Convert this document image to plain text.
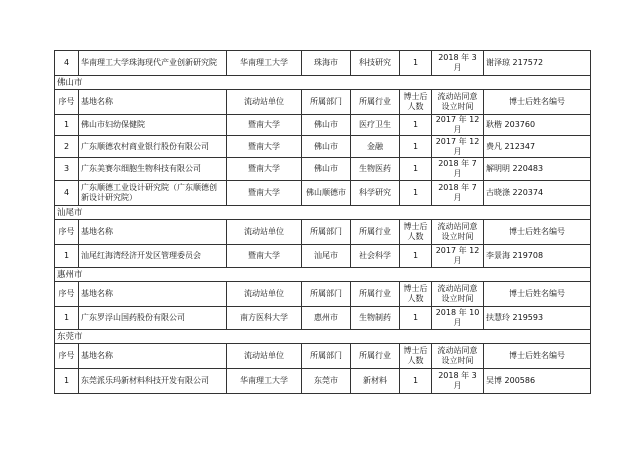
4	华南理工大学珠海现代产业创新研究院	华南理工大学	珠海市	科技研究	1	2018 年 3 月	谢泽琼 217572
佛山市							
序号	基地名称	流动站单位	所属部门	所属行业	博士后人数	流动站同意设立时间	博士后姓名编号
1	佛山市妇幼保健院	暨南大学	佛山市	医疗卫生	1	2017 年 12 月	耿楷 203760
2	广东顺德农村商业银行股份有限公司	暨南大学	佛山市	金融	1	2017 年 12 月	费凡 212347
3	广东美赛尔细胞生物科技有限公司	暨南大学	佛山市	生物医药	1	2018 年 7 月	解明明 220483
4	广东顺德工业设计研究院（广东顺德创新设计研究院）	暨南大学	佛山顺德市	科学研究	1	2018 年 7 月	古晓涤 220374
汕尾市							
序号	基地名称	流动站单位	所属部门	所属行业	博士后人数	流动站同意设立时间	博士后姓名编号
1	汕尾红海湾经济开发区管理委员会	暨南大学	汕尾市	社会科学	1	2017 年 12 月	李景海 219708
惠州市							
序号	基地名称	流动站单位	所属部门	所属行业	博士后人数	流动站同意设立时间	博士后姓名编号
1	广东罗浮山国药股份有限公司	南方医科大学	惠州市	生物制药	1	2018 年 10 月	扶慧玲 219593
东莞市							
序号	基地名称	流动站单位	所属部门	所属行业	博士后人数	流动站同意设立时间	博士后姓名编号
1	东莞派乐玛新材料科技开发有限公司	华南理工大学	东莞市	新材料	1	2018 年 3 月	吴博 200586
